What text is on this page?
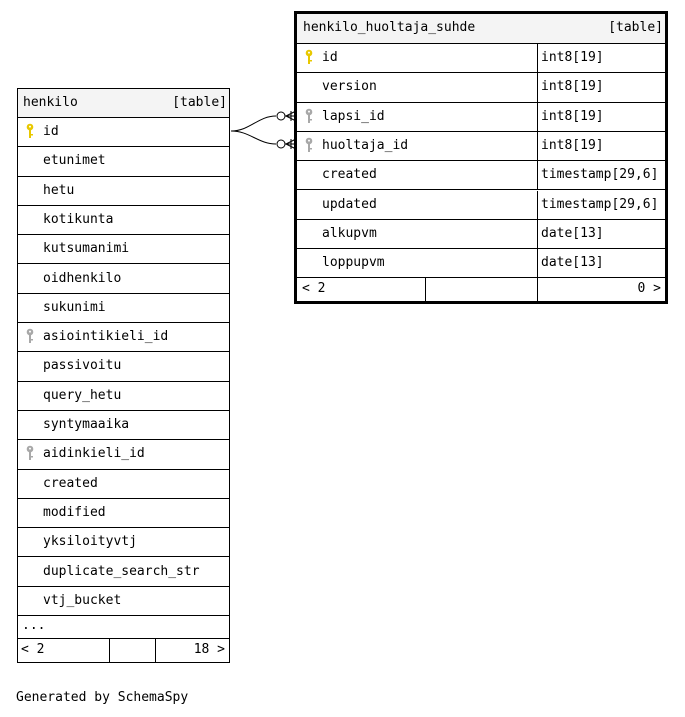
henkilo	[table]
id
etunimet
hetu
kotikunta
kutsumanimi
oidhenkilo
sukunimi
asiointikieli_id
passivoitu
query_hetu
syntymaaika
aidinkieli_id
created
modified
yksiloityvtj
duplicate_search_str
vtj_bucket
...
< 2	18 >
henkilo_huoltaja_suhde	[table]
id	int8[19]
version	int8[19]
lapsi_id	int8[19]
huoltaja_id	int8[19]
created	timestamp[29,6]
updated	timestamp[29,6]
alkupvm	date[13]
loppupvm	date[13]
< 2	0 >
Generated by SchemaSpy
